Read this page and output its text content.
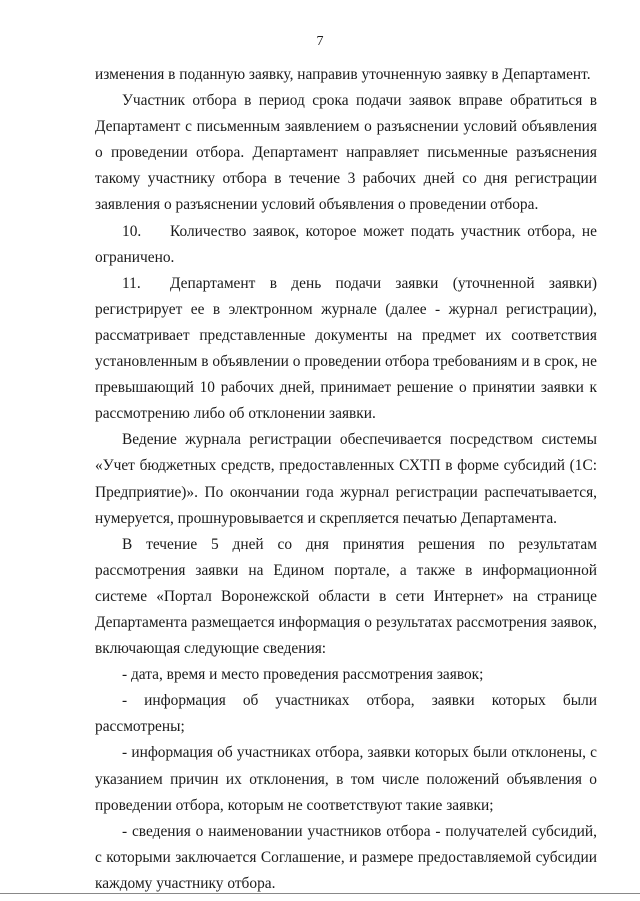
7

изменения в поданную заявку, направив уточненную заявку в Департамент.

Участник отбора в период срока подачи заявок вправе обратиться в Департамент с письменным заявлением о разъяснении условий объявления о проведении отбора. Департамент направляет письменные разъяснения такому участнику отбора в течение 3 рабочих дней со дня регистрации заявления о разъяснении условий объявления о проведении отбора.

10. Количество заявок, которое может подать участник отбора, не ограничено.

11. Департамент в день подачи заявки (уточненной заявки) регистрирует ее в электронном журнале (далее - журнал регистрации), рассматривает представленные документы на предмет их соответствия установленным в объявлении о проведении отбора требованиям и в срок, не превышающий 10 рабочих дней, принимает решение о принятии заявки к рассмотрению либо об отклонении заявки.

Ведение журнала регистрации обеспечивается посредством системы «Учет бюджетных средств, предоставленных СХТП в форме субсидий (1С: Предприятие)». По окончании года журнал регистрации распечатывается, нумеруется, прошнуровывается и скрепляется печатью Департамента.

В течение 5 дней со дня принятия решения по результатам рассмотрения заявки на Едином портале, а также в информационной системе «Портал Воронежской области в сети Интернет» на странице Департамента размещается информация о результатах рассмотрения заявок, включающая следующие сведения:

- дата, время и место проведения рассмотрения заявок;

- информация об участниках отбора, заявки которых были рассмотрены;

- информация об участниках отбора, заявки которых были отклонены, с указанием причин их отклонения, в том числе положений объявления о проведении отбора, которым не соответствуют такие заявки;

- сведения о наименовании участников отбора - получателей субсидий, с которыми заключается Соглашение, и размере предоставляемой субсидии каждому участнику отбора.
